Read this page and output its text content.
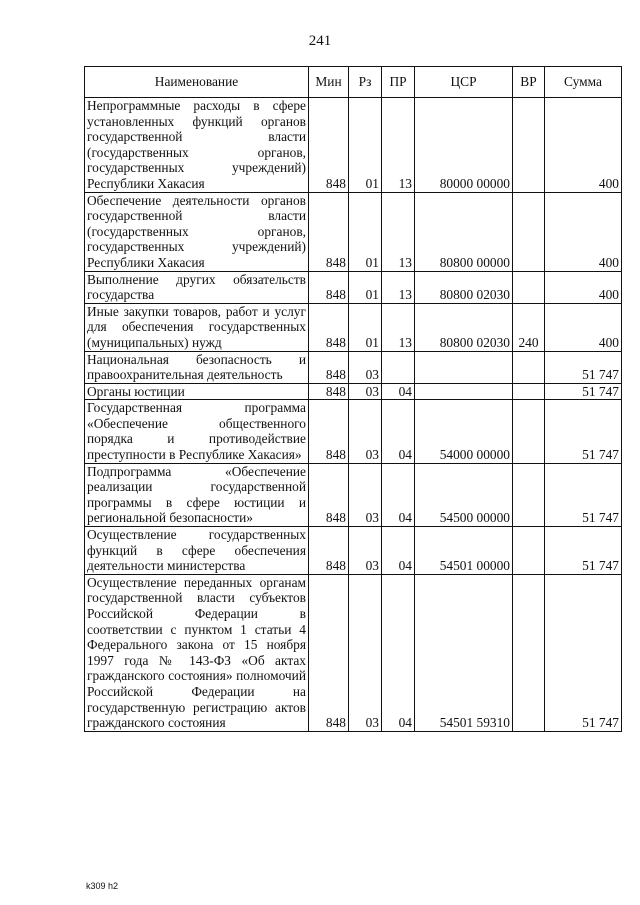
241
Наименование	Мин	Рз	ПР	ЦСР	ВР	Сумма
Непрограммные расходы в сфере установленных функций органов государственной власти (государственных органов, государственных учреждений) Республики Хакасия	848	01	13	80000 00000		400
Обеспечение деятельности органов государственной власти (государственных органов, государственных учреждений) Республики Хакасия	848	01	13	80800 00000		400
Выполнение других обязательств государства	848	01	13	80800 02030		400
Иные закупки товаров, работ и услуг для обеспечения государственных (муниципальных) нужд	848	01	13	80800 02030	240	400
Национальная безопасность и правоохранительная деятельность	848	03				51 747
Органы юстиции	848	03	04			51 747
Государственная программа «Обеспечение общественного порядка и противодействие преступности в Республике Хакасия»	848	03	04	54000 00000		51 747
Подпрограмма «Обеспечение реализации государственной программы в сфере юстиции и региональной безопасности»	848	03	04	54500 00000		51 747
Осуществление государственных функций в сфере обеспечения деятельности министерства	848	03	04	54501 00000		51 747
Осуществление переданных органам государственной власти субъектов Российской Федерации в соответствии с пунктом 1 статьи 4 Федерального закона от 15 ноября 1997 года № 143-ФЗ «Об актах гражданского состояния» полномочий Российской Федерации на государственную регистрацию актов гражданского состояния	848	03	04	54501 59310		51 747
k309 h2
